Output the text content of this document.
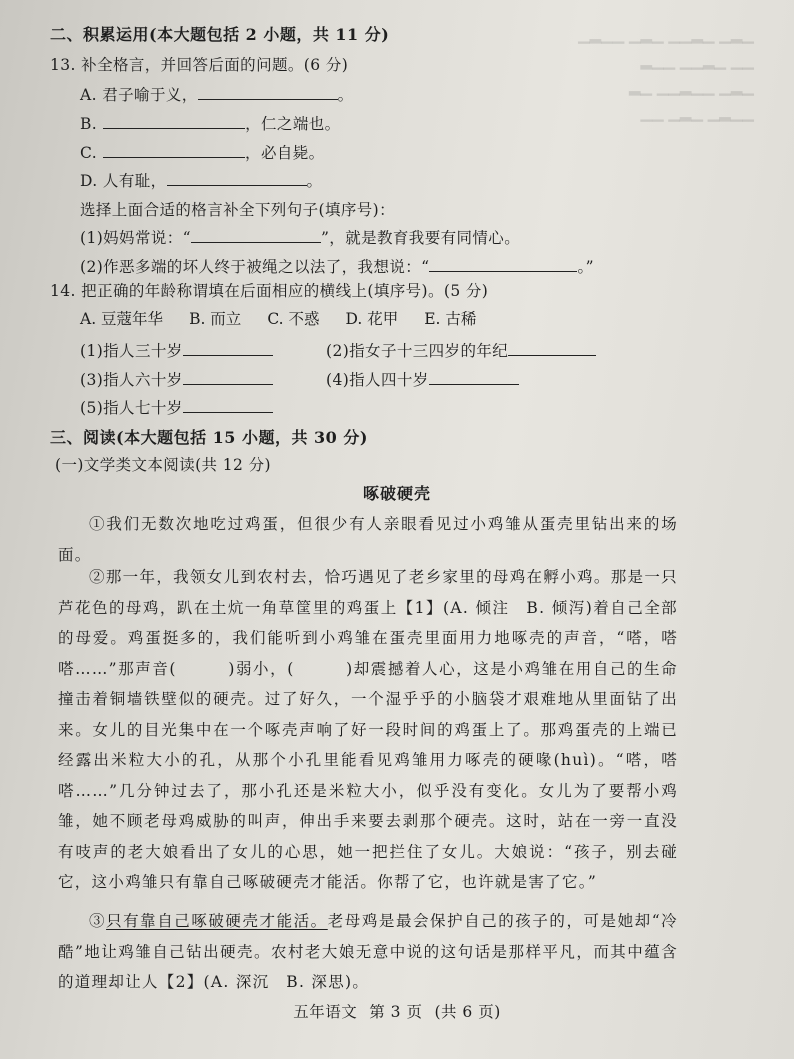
▁▂▁ ▁▂▁▁ ▁▂▁ ▁▁▂▁
▁▁ ▁▂▁▁ ▁▁▂
▁▂▁ ▁▁▂▁▁ ▁▂
▁▁▂▁ ▁▂▁ ▁▁
二、积累运用(本大题包括 2 小题，共 11 分)
13. 补全格言，并回答后面的问题。(6 分)
A. 君子喻于义，	。
B.	，仁之端也。
C.	，必自毙。
D. 人有耻，	。
选择上面合适的格言补全下列句子(填序号)：
(1)妈妈常说：“	”，就是教育我要有同情心。
(2)作恶多端的坏人终于被绳之以法了，我想说：“	。”
14. 把正确的年龄称谓填在后面相应的横线上(填序号)。(5 分)
A. 豆蔻年华 B. 而立 C. 不惑 D. 花甲 E. 古稀
(1)指人三十岁	(2)指女子十三四岁的年纪
(3)指人六十岁	(4)指人四十岁
(5)指人七十岁
三、阅读(本大题包括 15 小题，共 30 分)
(一)文学类文本阅读(共 12 分)
啄破硬壳
①我们无数次地吃过鸡蛋，但很少有人亲眼看见过小鸡雏从蛋壳里钻出来的场面。
②那一年，我领女儿到农村去，恰巧遇见了老乡家里的母鸡在孵小鸡。那是一只芦花色的母鸡，趴在土炕一角草筐里的鸡蛋上【1】(A. 倾注　B. 倾泻)着自己全部的母爱。鸡蛋挺多的，我们能听到小鸡雏在蛋壳里面用力地啄壳的声音，“嗒，嗒嗒……”那声音(　　　)弱小，(　　　)却震撼着人心，这是小鸡雏在用自己的生命撞击着铜墙铁壁似的硬壳。过了好久，一个湿乎乎的小脑袋才艰难地从里面钻了出来。女儿的目光集中在一个啄壳声响了好一段时间的鸡蛋上了。那鸡蛋壳的上端已经露出米粒大小的孔，从那个小孔里能看见鸡雏用力啄壳的硬喙(huì)。“嗒，嗒嗒……”几分钟过去了，那小孔还是米粒大小，似乎没有变化。女儿为了要帮小鸡雏，她不顾老母鸡威胁的叫声，伸出手来要去剥那个硬壳。这时，站在一旁一直没有吱声的老大娘看出了女儿的心思，她一把拦住了女儿。大娘说：“孩子，别去碰它，这小鸡雏只有靠自己啄破硬壳才能活。你帮了它，也许就是害了它。”
③只有靠自己啄破硬壳才能活。老母鸡是最会保护自己的孩子的，可是她却“冷酷”地让鸡雏自己钻出硬壳。农村老大娘无意中说的这句话是那样平凡，而其中蕴含的道理却让人【2】(A. 深沉　B. 深思)。
五年语文 第 3 页 (共 6 页)
